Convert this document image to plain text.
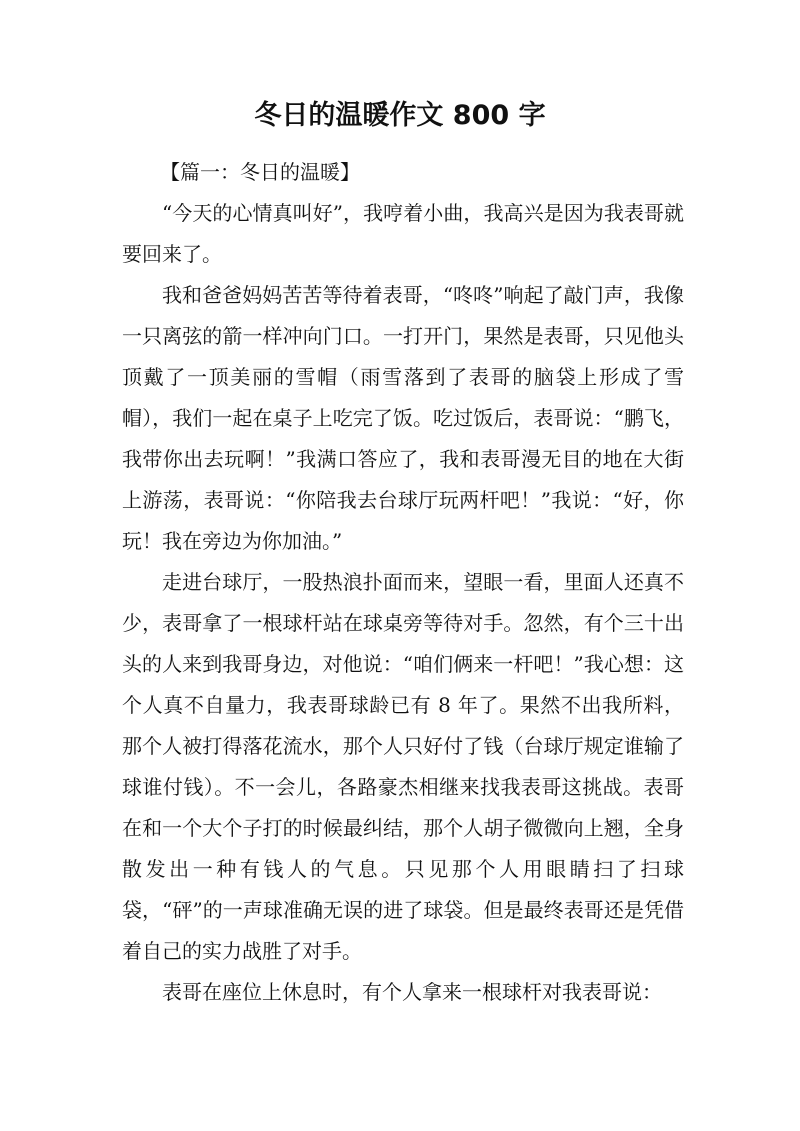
冬日的温暖作文 800 字

【篇一：冬日的温暖】

“今天的心情真叫好”，我哼着小曲，我高兴是因为我表哥就要回来了。

我和爸爸妈妈苦苦等待着表哥，“咚咚”响起了敲门声，我像一只离弦的箭一样冲向门口。一打开门，果然是表哥，只见他头顶戴了一顶美丽的雪帽（雨雪落到了表哥的脑袋上形成了雪帽），我们一起在桌子上吃完了饭。吃过饭后，表哥说：“鹏飞，我带你出去玩啊！”我满口答应了，我和表哥漫无目的地在大街上游荡，表哥说：“你陪我去台球厅玩两杆吧！”我说：“好，你玩！我在旁边为你加油。”

走进台球厅，一股热浪扑面而来，望眼一看，里面人还真不少，表哥拿了一根球杆站在球桌旁等待对手。忽然，有个三十出头的人来到我哥身边，对他说：“咱们俩来一杆吧！”我心想：这个人真不自量力，我表哥球龄已有 8 年了。果然不出我所料，那个人被打得落花流水，那个人只好付了钱（台球厅规定谁输了球谁付钱）。不一会儿，各路豪杰相继来找我表哥这挑战。表哥在和一个大个子打的时候最纠结，那个人胡子微微向上翘，全身散发出一种有钱人的气息。只见那个人用眼睛扫了扫球袋，“砰”的一声球准确无误的进了球袋。但是最终表哥还是凭借着自己的实力战胜了对手。

表哥在座位上休息时，有个人拿来一根球杆对我表哥说：
